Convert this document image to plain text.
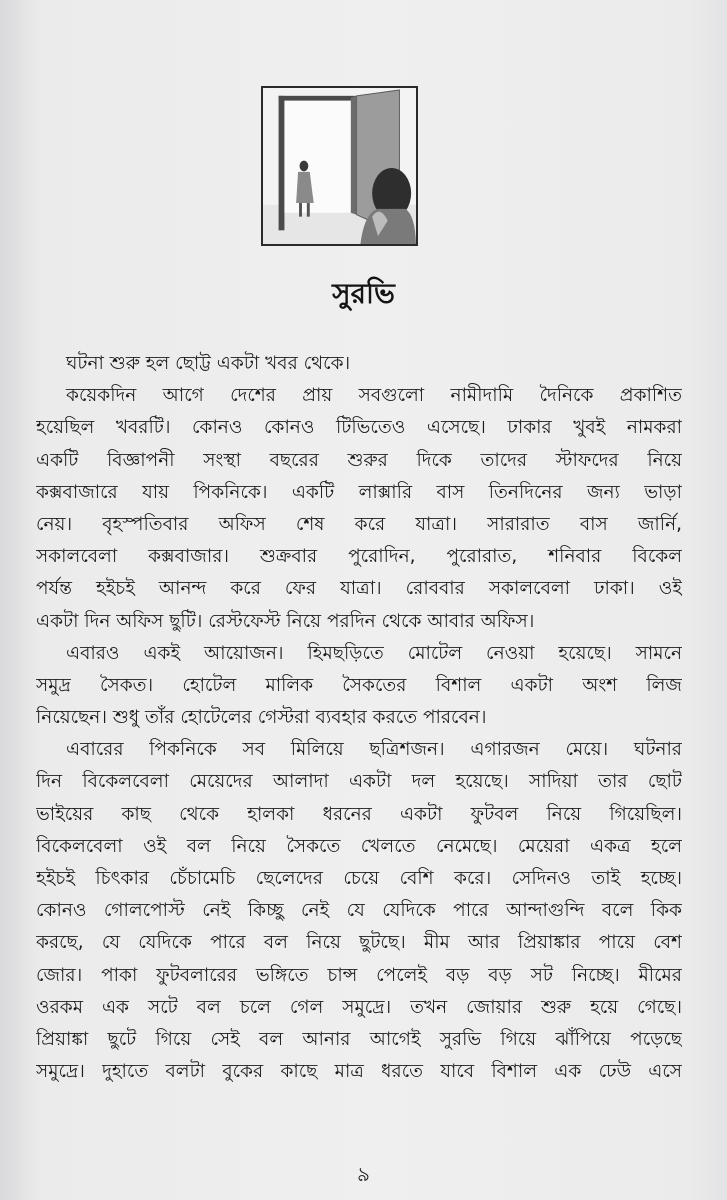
সুরভি
ঘটনা শুরু হল ছোট্ট একটা খবর থেকে।
কয়েকদিন আগে দেশের প্রায় সবগুলো নামীদামি দৈনিকে প্রকাশিত
হয়েছিল খবরটি। কোনও কোনও টিভিতেও এসেছে। ঢাকার খুবই নামকরা
একটি বিজ্ঞাপনী সংস্থা বছরের শুরুর দিকে তাদের স্টাফদের নিয়ে
কক্সবাজারে যায় পিকনিকে। একটি লাক্সারি বাস তিনদিনের জন্য ভাড়া
নেয়। বৃহস্পতিবার অফিস শেষ করে যাত্রা। সারারাত বাস জার্নি,
সকালবেলা কক্সবাজার। শুক্রবার পুরোদিন, পুরোরাত, শনিবার বিকেল
পর্যন্ত হইচই আনন্দ করে ফের যাত্রা। রোববার সকালবেলা ঢাকা। ওই
একটা দিন অফিস ছুটি। রেস্টফেস্ট নিয়ে পরদিন থেকে আবার অফিস।
এবারও একই আয়োজন। হিমছড়িতে মোটেল নেওয়া হয়েছে। সামনে
সমুদ্র সৈকত। হোটেল মালিক সৈকতের বিশাল একটা অংশ লিজ
নিয়েছেন। শুধু তাঁর হোটেলের গেস্টরা ব্যবহার করতে পারবেন।
এবারের পিকনিকে সব মিলিয়ে ছত্রিশজন। এগারজন মেয়ে। ঘটনার
দিন বিকেলবেলা মেয়েদের আলাদা একটা দল হয়েছে। সাদিয়া তার ছোট
ভাইয়ের কাছ থেকে হালকা ধরনের একটা ফুটবল নিয়ে গিয়েছিল।
বিকেলবেলা ওই বল নিয়ে সৈকতে খেলতে নেমেছে। মেয়েরা একত্র হলে
হইচই চিৎকার চেঁচামেচি ছেলেদের চেয়ে বেশি করে। সেদিনও তাই হচ্ছে।
কোনও গোলপোস্ট নেই কিচ্ছু নেই যে যেদিকে পারে আন্দাগুন্দি বলে কিক
করছে, যে যেদিকে পারে বল নিয়ে ছুটছে। মীম আর প্রিয়াঙ্কার পায়ে বেশ
জোর। পাকা ফুটবলারের ভঙ্গিতে চান্স পেলেই বড় বড় সট নিচ্ছে। মীমের
ওরকম এক সটে বল চলে গেল সমুদ্রে। তখন জোয়ার শুরু হয়ে গেছে।
প্রিয়াঙ্কা ছুটে গিয়ে সেই বল আনার আগেই সুরভি গিয়ে ঝাঁপিয়ে পড়েছে
সমুদ্রে। দুহাতে বলটা বুকের কাছে মাত্র ধরতে যাবে বিশাল এক ঢেউ এসে
৯
